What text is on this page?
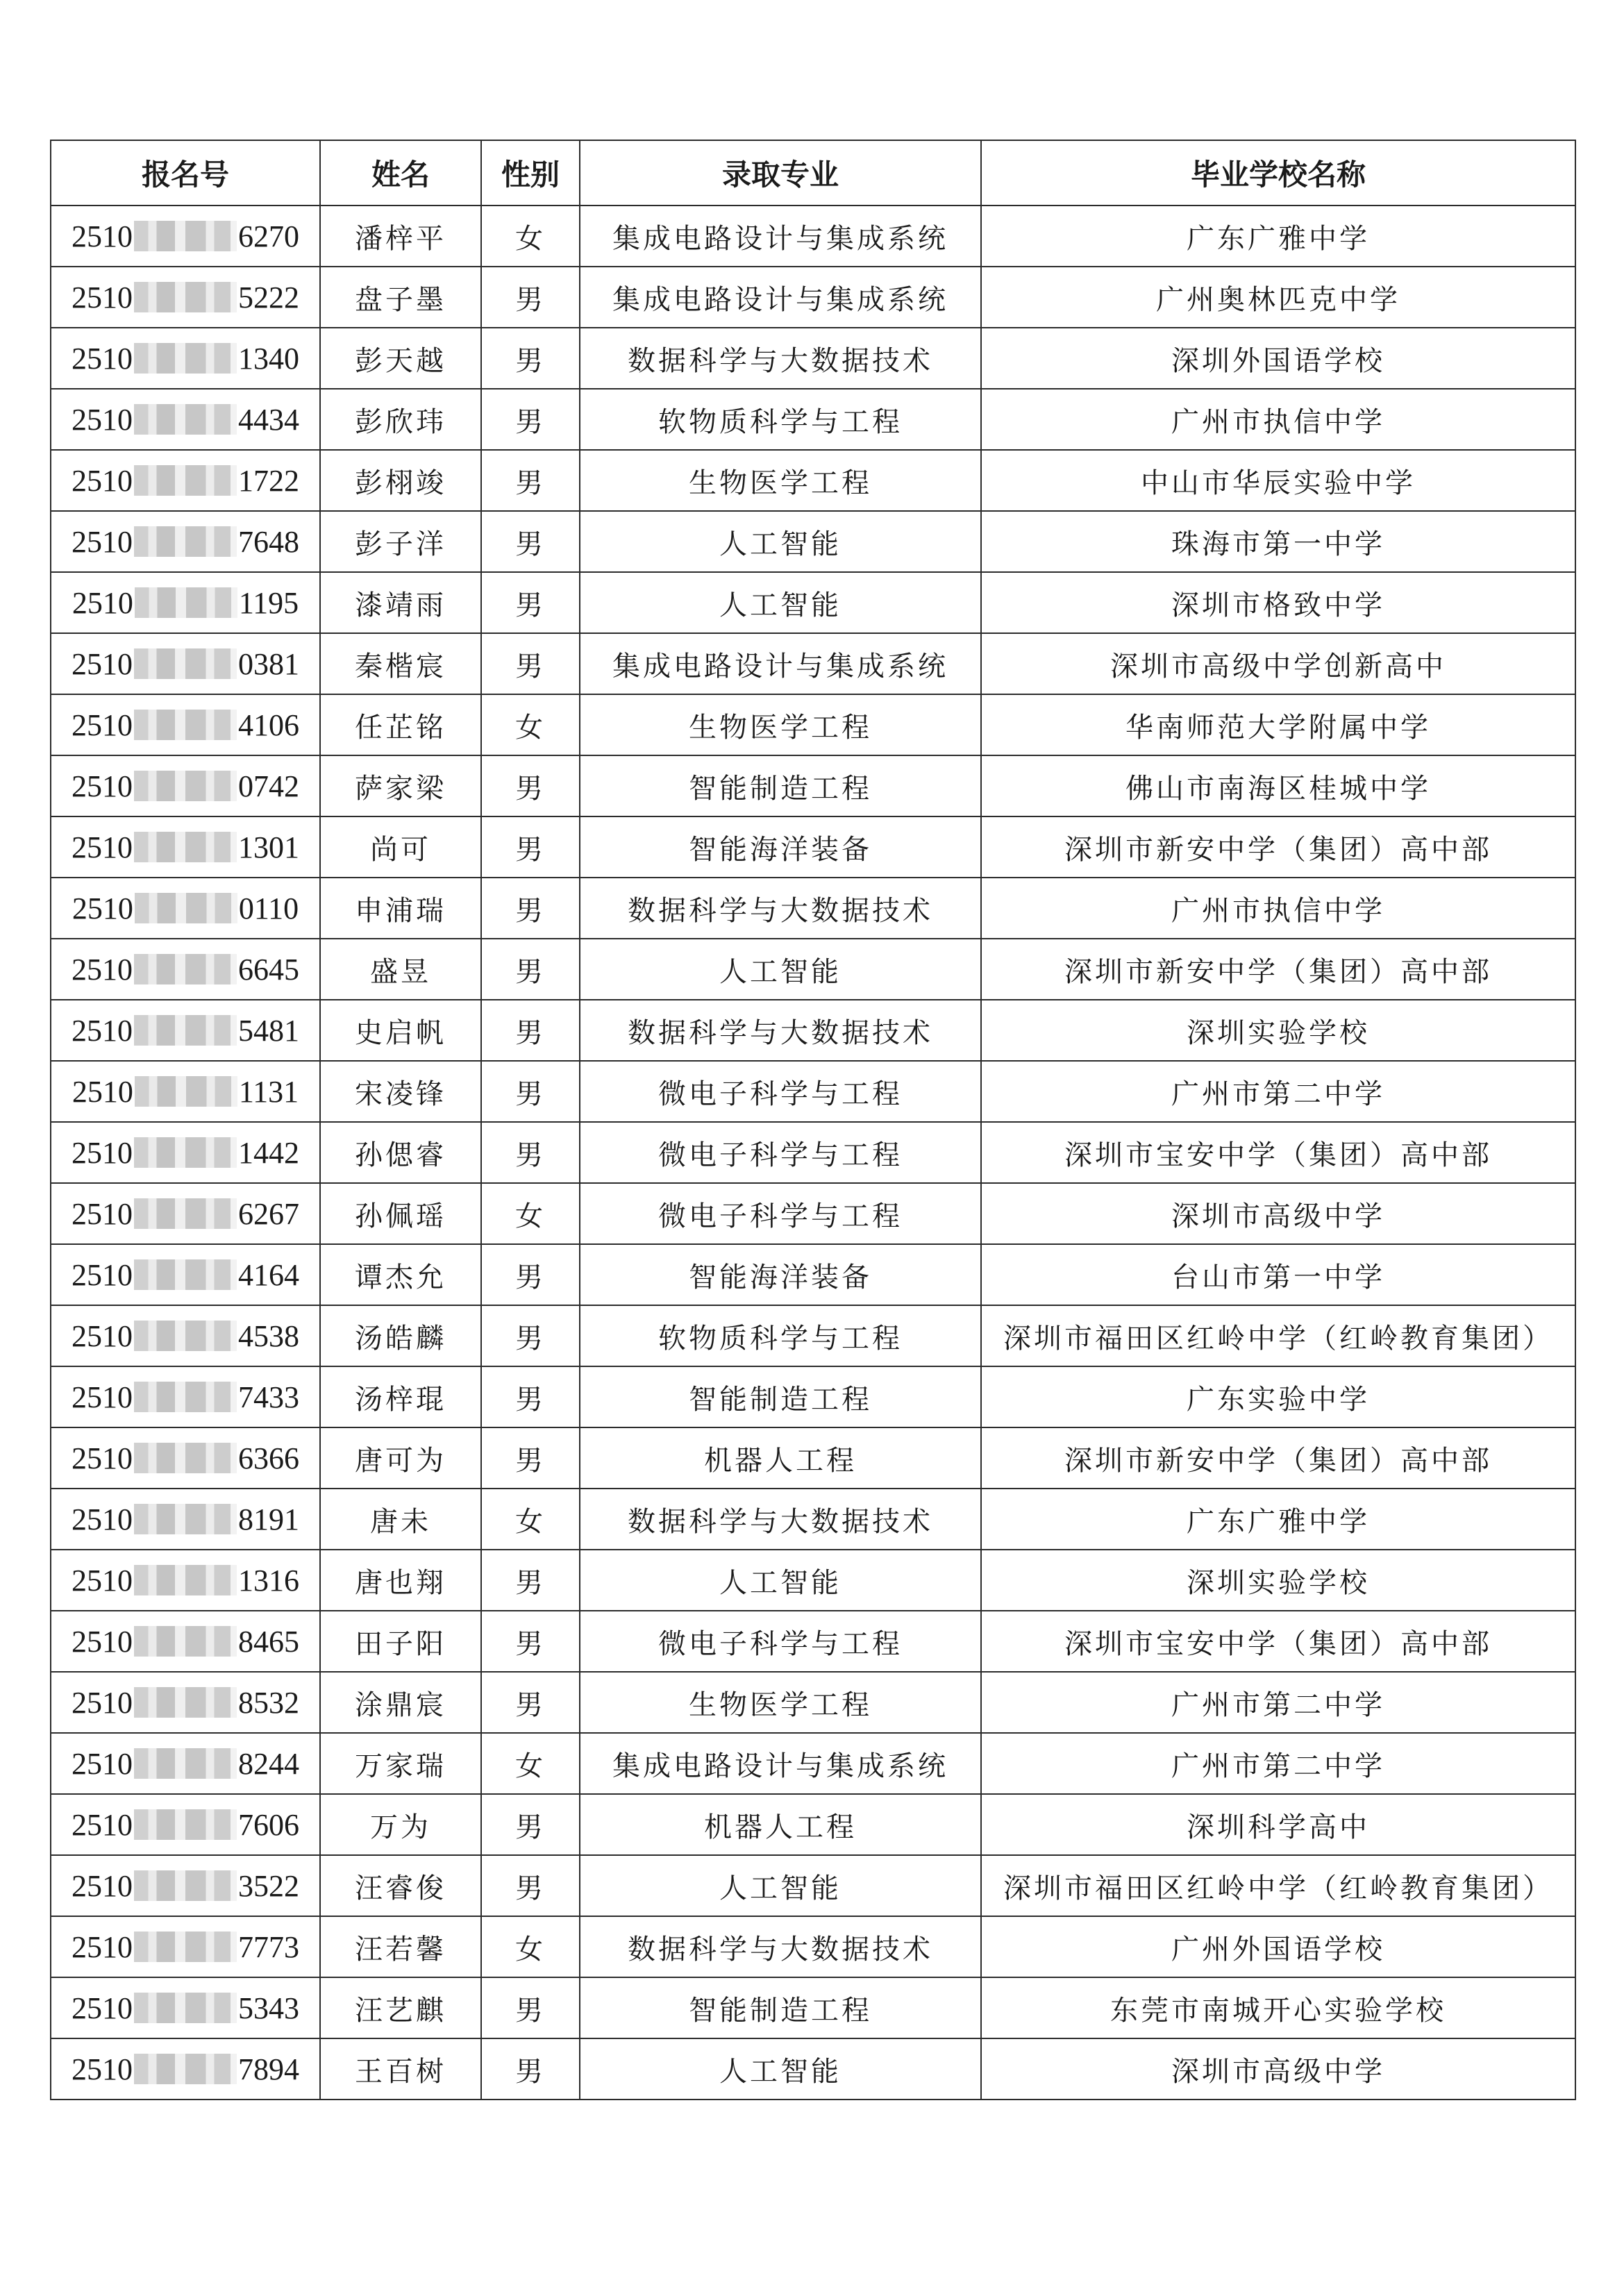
报名号	姓名	性别	录取专业	毕业学校名称

2510 6270	潘梓平	女	集成电路设计与集成系统	广东广雅中学

2510 5222	盘子墨	男	集成电路设计与集成系统	广州奥林匹克中学

2510 1340	彭天越	男	数据科学与大数据技术	深圳外国语学校

2510 4434	彭欣玮	男	软物质科学与工程	广州市执信中学

2510 1722	彭栩竣	男	生物医学工程	中山市华辰实验中学

2510 7648	彭子洋	男	人工智能	珠海市第一中学

2510 1195	漆靖雨	男	人工智能	深圳市格致中学

2510 0381	秦楷宸	男	集成电路设计与集成系统	深圳市高级中学创新高中

2510 4106	任芷铭	女	生物医学工程	华南师范大学附属中学

2510 0742	萨家梁	男	智能制造工程	佛山市南海区桂城中学

2510 1301	尚可	男	智能海洋装备	深圳市新安中学（集团）高中部

2510 0110	申浦瑞	男	数据科学与大数据技术	广州市执信中学

2510 6645	盛昱	男	人工智能	深圳市新安中学（集团）高中部

2510 5481	史启帆	男	数据科学与大数据技术	深圳实验学校

2510 1131	宋凌锋	男	微电子科学与工程	广州市第二中学

2510 1442	孙偲睿	男	微电子科学与工程	深圳市宝安中学（集团）高中部

2510 6267	孙佩瑶	女	微电子科学与工程	深圳市高级中学

2510 4164	谭杰允	男	智能海洋装备	台山市第一中学

2510 4538	汤皓麟	男	软物质科学与工程	深圳市福田区红岭中学（红岭教育集团）

2510 7433	汤梓琨	男	智能制造工程	广东实验中学

2510 6366	唐可为	男	机器人工程	深圳市新安中学（集团）高中部

2510 8191	唐未	女	数据科学与大数据技术	广东广雅中学

2510 1316	唐也翔	男	人工智能	深圳实验学校

2510 8465	田子阳	男	微电子科学与工程	深圳市宝安中学（集团）高中部

2510 8532	涂鼎宸	男	生物医学工程	广州市第二中学

2510 8244	万家瑞	女	集成电路设计与集成系统	广州市第二中学

2510 7606	万为	男	机器人工程	深圳科学高中

2510 3522	汪睿俊	男	人工智能	深圳市福田区红岭中学（红岭教育集团）

2510 7773	汪若馨	女	数据科学与大数据技术	广州外国语学校

2510 5343	汪艺麒	男	智能制造工程	东莞市南城开心实验学校

2510 7894	王百树	男	人工智能	深圳市高级中学
